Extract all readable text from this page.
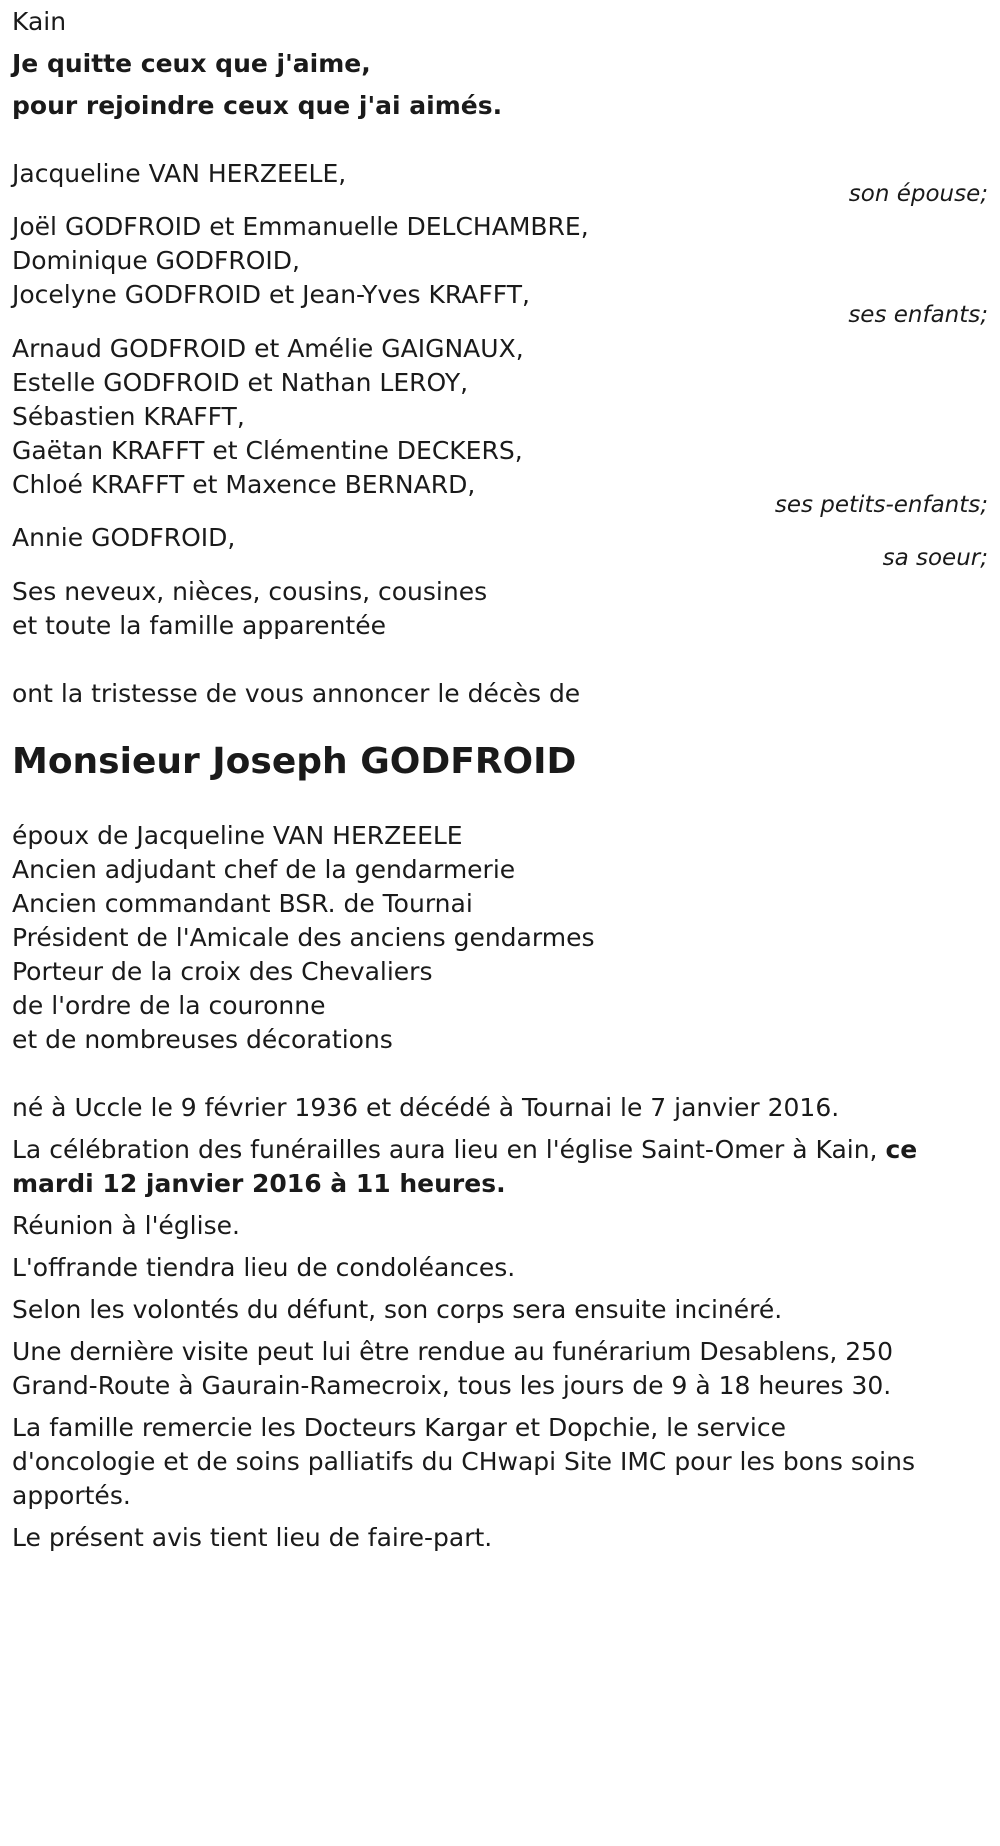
Kain
Je quitte ceux que j'aime,
pour rejoindre ceux que j'ai aimés.
Jacqueline VAN HERZEELE,
son épouse;
Joël GODFROID et Emmanuelle DELCHAMBRE,
Dominique GODFROID,
Jocelyne GODFROID et Jean-Yves KRAFFT,
ses enfants;
Arnaud GODFROID et Amélie GAIGNAUX,
Estelle GODFROID et Nathan LEROY,
Sébastien KRAFFT,
Gaëtan KRAFFT et Clémentine DECKERS,
Chloé KRAFFT et Maxence BERNARD,
ses petits-enfants;
Annie GODFROID,
sa soeur;
Ses neveux, nièces, cousins, cousines
et toute la famille apparentée
ont la tristesse de vous annoncer le décès de
Monsieur Joseph GODFROID
époux de Jacqueline VAN HERZEELE
Ancien adjudant chef de la gendarmerie
Ancien commandant BSR. de Tournai
Président de l'Amicale des anciens gendarmes
Porteur de la croix des Chevaliers
de l'ordre de la couronne
et de nombreuses décorations
né à Uccle le 9 février 1936 et décédé à Tournai le 7 janvier 2016.
La célébration des funérailles aura lieu en l'église Saint-Omer à Kain, ce
mardi 12 janvier 2016 à 11 heures.
Réunion à l'église.
L'offrande tiendra lieu de condoléances.
Selon les volontés du défunt, son corps sera ensuite incinéré.
Une dernière visite peut lui être rendue au funérarium Desablens, 250
Grand-Route à Gaurain-Ramecroix, tous les jours de 9 à 18 heures 30.
La famille remercie les Docteurs Kargar et Dopchie, le service
d'oncologie et de soins palliatifs du CHwapi Site IMC pour les bons soins
apportés.
Le présent avis tient lieu de faire-part.
